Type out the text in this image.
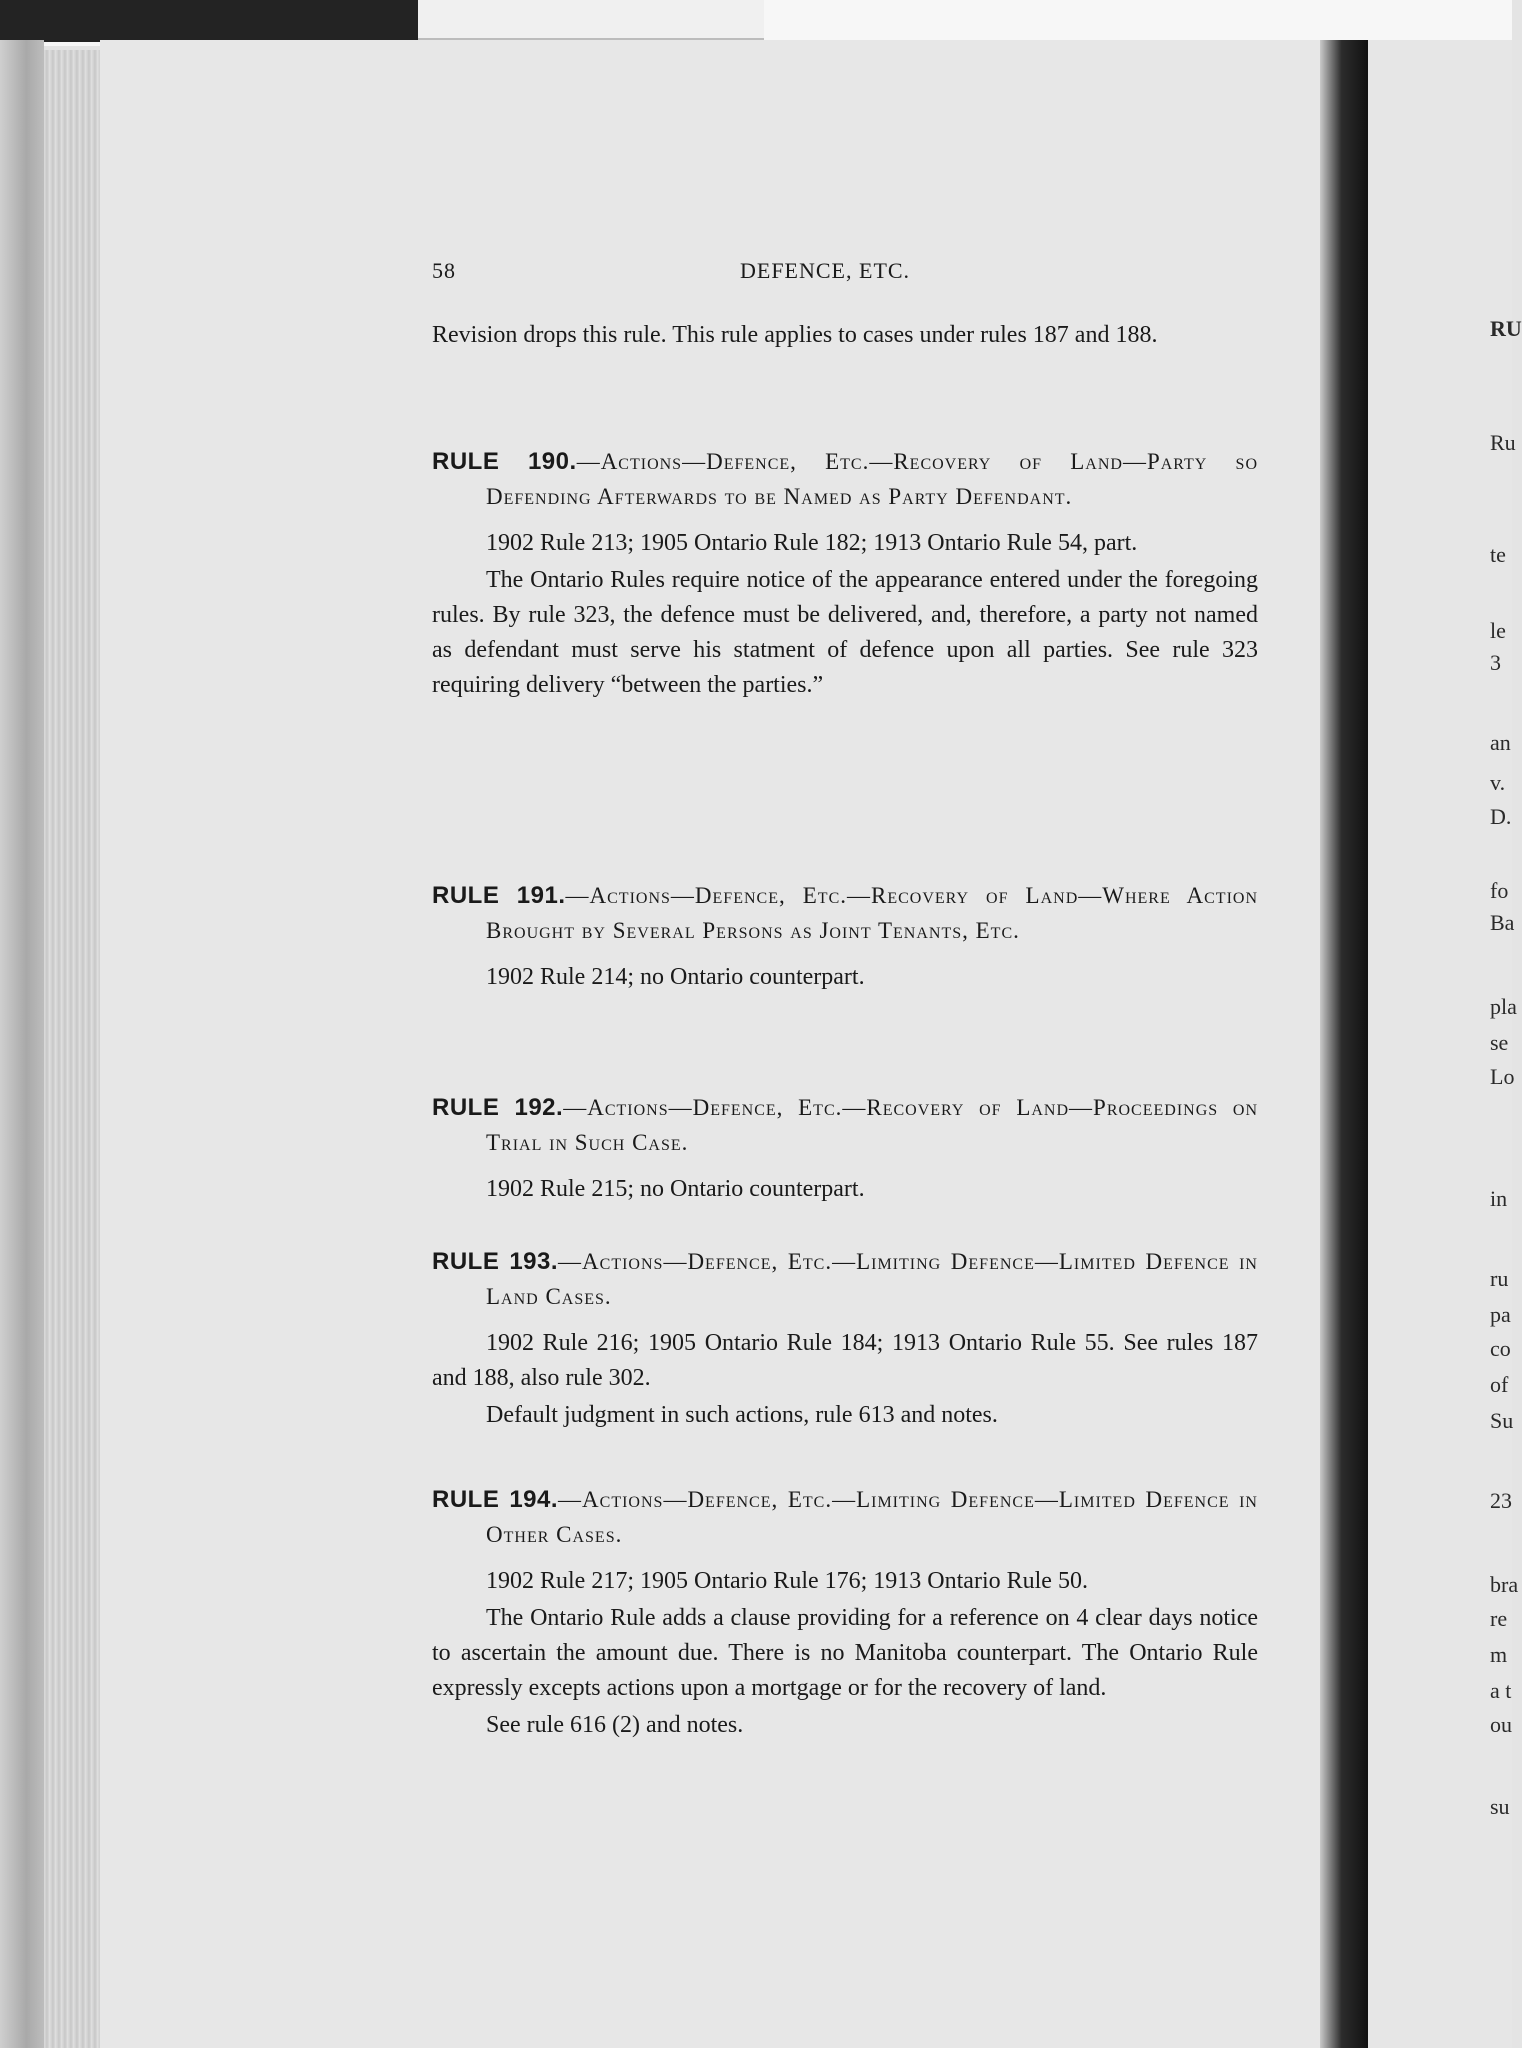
58	DEFENCE, ETC.
Revision drops this rule. This rule applies to cases under rules 187 and 188.
RULE 190.—Actions—Defence, Etc.—Recovery of Land—Party so Defending Afterwards to be Named as Party Defendant.

1902 Rule 213; 1905 Ontario Rule 182; 1913 Ontario Rule 54, part.

The Ontario Rules require notice of the appearance entered under the foregoing rules. By rule 323, the defence must be delivered, and, therefore, a party not named as defendant must serve his statment of defence upon all parties. See rule 323 requiring delivery “between the parties.”

RULE 191.—Actions—Defence, Etc.—Recovery of Land—Where Action Brought by Several Persons as Joint Tenants, Etc.

1902 Rule 214; no Ontario counterpart.

RULE 192.—Actions—Defence, Etc.—Recovery of Land—Proceedings on Trial in Such Case.

1902 Rule 215; no Ontario counterpart.

RULE 193.—Actions—Defence, Etc.—Limiting Defence—Limited Defence in Land Cases.

1902 Rule 216; 1905 Ontario Rule 184; 1913 Ontario Rule 55. See rules 187 and 188, also rule 302.

Default judgment in such actions, rule 613 and notes.

RULE 194.—Actions—Defence, Etc.—Limiting Defence—Limited Defence in Other Cases.

1902 Rule 217; 1905 Ontario Rule 176; 1913 Ontario Rule 50.

The Ontario Rule adds a clause providing for a reference on 4 clear days notice to ascertain the amount due. There is no Manitoba counterpart. The Ontario Rule expressly excepts actions upon a mortgage or for the recovery of land.

See rule 616 (2) and notes.

RU
Ru
te
le
3
an
v.
D.
fo
Ba
pla
se
Lo
in
ru
pa
co
of
Su
23
bra
re
m
a t
ou
su
